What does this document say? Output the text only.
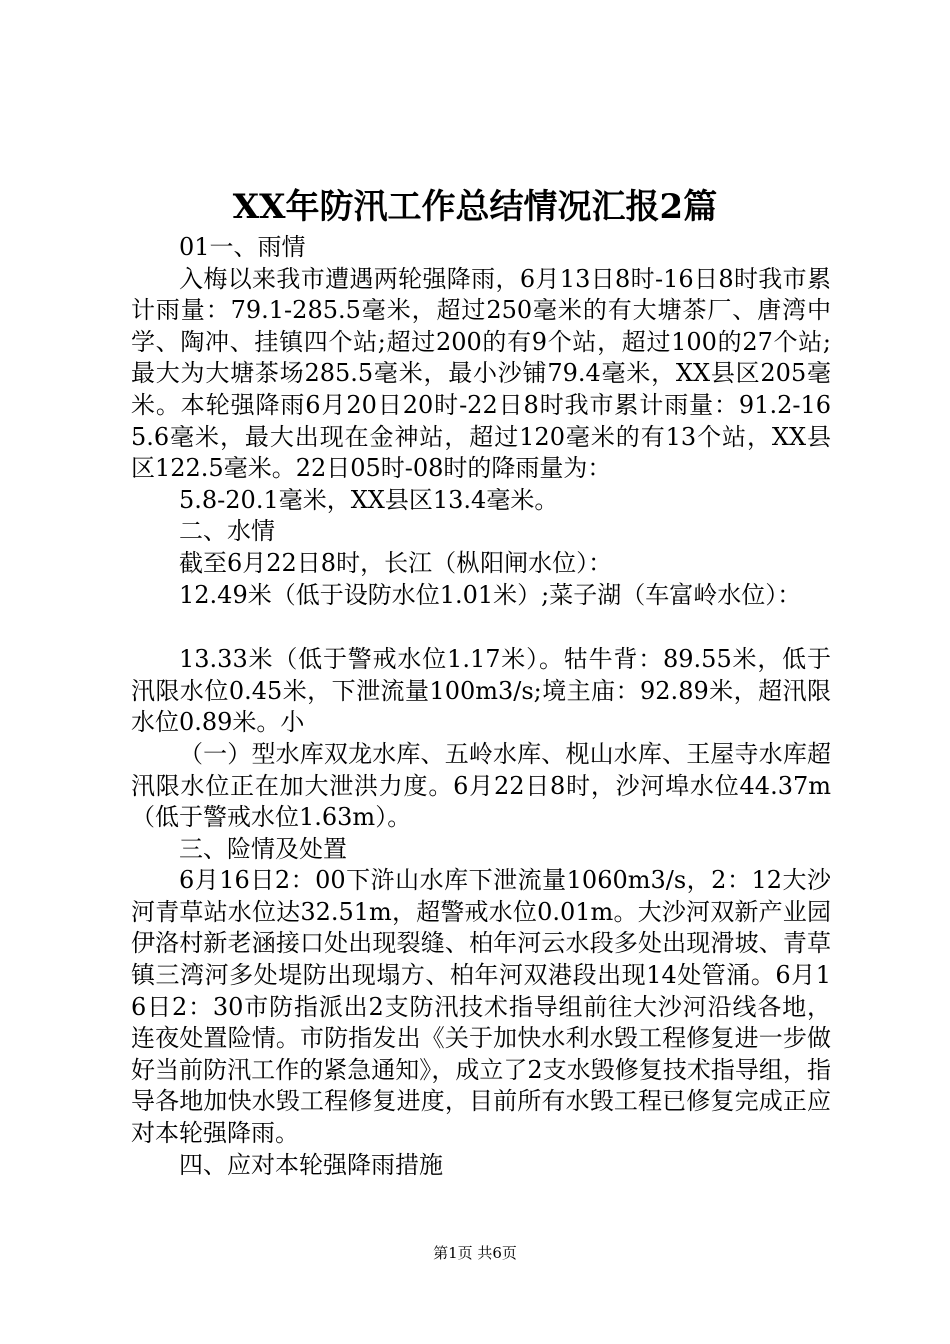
XX年防汛工作总结情况汇报2篇

01一、雨情

入梅以来我市遭遇两轮强降雨，6月13日8时-16日8时我市累计雨量：79.1-285.5毫米，超过250毫米的有大塘茶厂、唐湾中学、陶冲、挂镇四个站;超过200的有9个站，超过100的27个站;最大为大塘茶场285.5毫米，最小沙铺79.4毫米，XX县区205毫米。本轮强降雨6月20日20时-22日8时我市累计雨量：91.2-165.6毫米，最大出现在金神站，超过120毫米的有13个站，XX县区122.5毫米。22日05时-08时的降雨量为：

5.8-20.1毫米，XX县区13.4毫米。

二、水情

截至6月22日8时，长江（枞阳闸水位）：

12.49米（低于设防水位1.01米）;菜子湖（车富岭水位）：

13.33米（低于警戒水位1.17米）。牯牛背：89.55米，低于汛限水位0.45米，下泄流量100m3/s;境主庙：92.89米，超汛限水位0.89米。小

（一）型水库双龙水库、五岭水库、枧山水库、王屋寺水库超汛限水位正在加大泄洪力度。6月22日8时，沙河埠水位44.37m（低于警戒水位1.63m）。

三、险情及处置

6月16日2：00下浒山水库下泄流量1060m3/s，2：12大沙河青草站水位达32.51m，超警戒水位0.01m。大沙河双新产业园伊洛村新老涵接口处出现裂缝、柏年河云水段多处出现滑坡、青草镇三湾河多处堤防出现塌方、柏年河双港段出现14处管涌。6月16日2：30市防指派出2支防汛技术指导组前往大沙河沿线各地，连夜处置险情。市防指发出《关于加快水利水毁工程修复进一步做好当前防汛工作的紧急通知》，成立了2支水毁修复技术指导组，指导各地加快水毁工程修复进度，目前所有水毁工程已修复完成正应对本轮强降雨。

四、应对本轮强降雨措施

第1页 共6页
